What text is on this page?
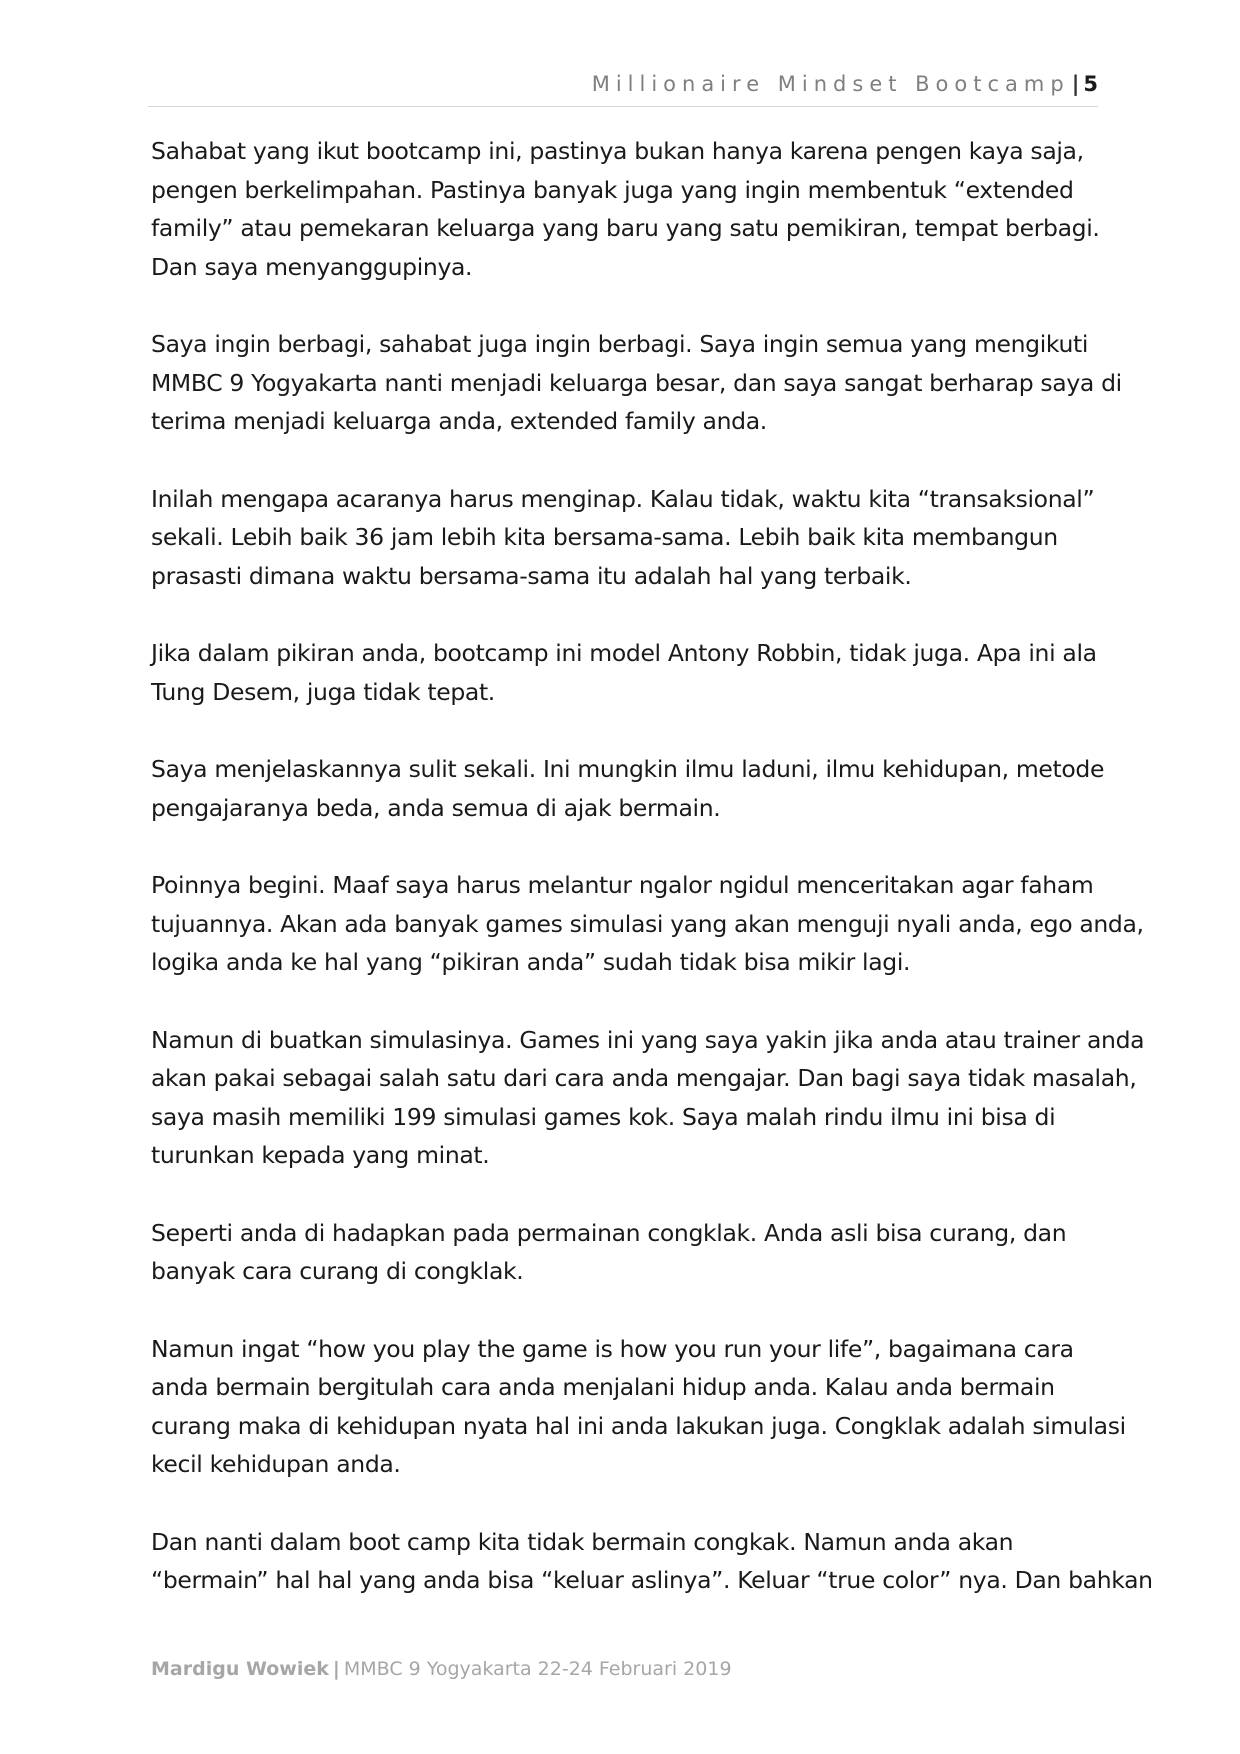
Millionaire Mindset Bootcamp| 5

Sahabat yang ikut bootcamp ini, pastinya bukan hanya karena pengen kaya saja,
pengen berkelimpahan. Pastinya banyak juga yang ingin membentuk “extended
family” atau pemekaran keluarga yang baru yang satu pemikiran, tempat berbagi.
Dan saya menyanggupinya.

Saya ingin berbagi, sahabat juga ingin berbagi. Saya ingin semua yang mengikuti
MMBC 9 Yogyakarta nanti menjadi keluarga besar, dan saya sangat berharap saya di
terima menjadi keluarga anda, extended family anda.

Inilah mengapa acaranya harus menginap. Kalau tidak, waktu kita “transaksional”
sekali. Lebih baik 36 jam lebih kita bersama-sama. Lebih baik kita membangun
prasasti dimana waktu bersama-sama itu adalah hal yang terbaik.

Jika dalam pikiran anda, bootcamp ini model Antony Robbin, tidak juga. Apa ini ala
Tung Desem, juga tidak tepat.

Saya menjelaskannya sulit sekali. Ini mungkin ilmu laduni, ilmu kehidupan, metode
pengajaranya beda, anda semua di ajak bermain.

Poinnya begini. Maaf saya harus melantur ngalor ngidul menceritakan agar faham
tujuannya. Akan ada banyak games simulasi yang akan menguji nyali anda, ego anda,
logika anda ke hal yang “pikiran anda” sudah tidak bisa mikir lagi.

Namun di buatkan simulasinya. Games ini yang saya yakin jika anda atau trainer anda
akan pakai sebagai salah satu dari cara anda mengajar. Dan bagi saya tidak masalah,
saya masih memiliki 199 simulasi games kok. Saya malah rindu ilmu ini bisa di
turunkan kepada yang minat.

Seperti anda di hadapkan pada permainan congklak. Anda asli bisa curang, dan
banyak cara curang di congklak.

Namun ingat “how you play the game is how you run your life”, bagaimana cara
anda bermain bergitulah cara anda menjalani hidup anda. Kalau anda bermain
curang maka di kehidupan nyata hal ini anda lakukan juga. Congklak adalah simulasi
kecil kehidupan anda.

Dan nanti dalam boot camp kita tidak bermain congkak. Namun anda akan
“bermain” hal hal yang anda bisa “keluar aslinya”. Keluar “true color” nya. Dan bahkan

Mardigu Wowiek | MMBC 9 Yogyakarta 22-24 Februari 2019
